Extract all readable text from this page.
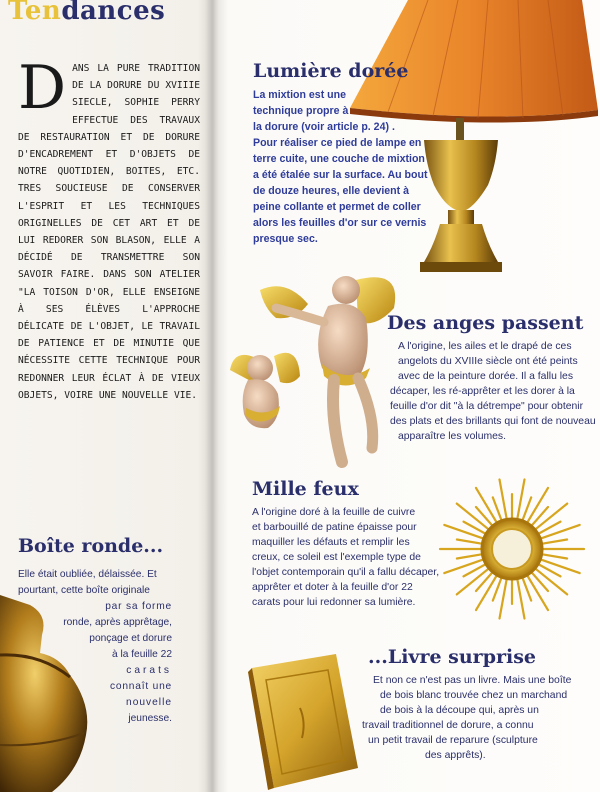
Tendances
D ANS LA PURE TRADITION DE LA DORURE DU XVIIIE SIECLE, SOPHIE PERRY EFFECTUE DES TRAVAUX DE RESTAURATION ET DE DORURE D'ENCADREMENT ET D'OBJETS DE NOTRE QUOTIDIEN, BOITES, ETC. TRES SOUCIEUSE DE CONSERVER L'ESPRIT ET LES TECHNIQUES ORIGINELLES DE CET ART ET DE LUI REDORER SON BLASON, ELLE A DÉCIDÉ DE TRANSMETTRE SON SAVOIR FAIRE. DANS SON ATELIER "LA TOISON D'OR, ELLE ENSEIGNE À SES ÉLÈVES L'APPROCHE DÉLICATE DE L'OBJET, LE TRAVAIL DE PATIENCE ET DE MINUTIE QUE NÉCESSITE CETTE TECHNIQUE POUR REDONNER LEUR ÉCLAT À DE VIEUX OBJETS, VOIRE UNE NOUVELLE VIE.
Boîte ronde...
Elle était oubliée, délaissée. Et
pourtant, cette boîte originale
par sa forme
ronde, après apprêtage,
ponçage et dorure
à la feuille 22
carats
connaît une
nouvelle
jeunesse.
Lumière dorée
La mixtion est une
technique propre à
la dorure (voir article p. 24) .
Pour réaliser ce pied de lampe en
terre cuite, une couche de mixtion
a été étalée sur la surface. Au bout
de douze heures, elle devient à
peine collante et permet de coller
alors les feuilles d'or sur ce vernis
presque sec.
Des anges passent
A l'origine, les ailes et le drapé de ces
angelots du XVIIIe siècle ont été peints
avec de la peinture dorée. Il a fallu les
décaper, les ré-apprêter et les dorer à la
feuille d'or dit "à la détrempe" pour obtenir
des plats et des brillants qui font de nouveau
apparaître les volumes.
Mille feux
A l'origine doré à la feuille de cuivre
et barbouillé de patine épaisse pour
maquiller les défauts et remplir les
creux, ce soleil est l'exemple type de
l'objet contemporain qu'il a fallu décaper,
apprêter et doter à la feuille d'or 22
carats pour lui redonner sa lumière.
...Livre surprise
Et non ce n'est pas un livre. Mais une boîte
de bois blanc trouvée chez un marchand
de bois à la découpe qui, après un
travail traditionnel de dorure, a connu
un petit travail de reparure (sculpture
des apprêts).
